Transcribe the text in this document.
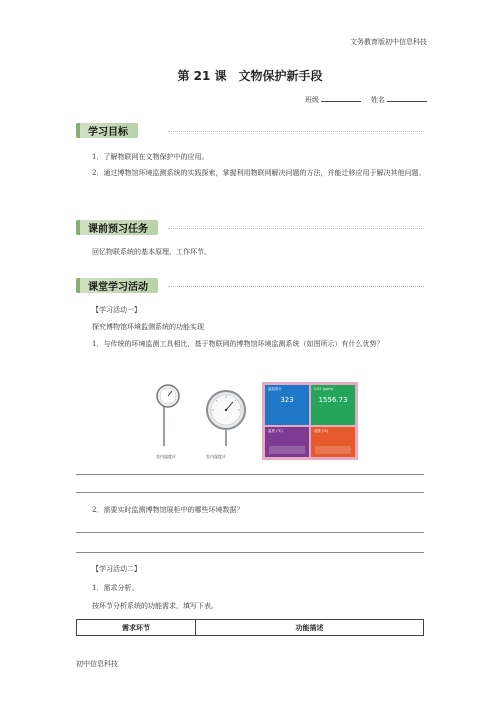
文务教育版初中信息科技
第 21 课　文物保护新手段
班级	姓名
学习目标
1．了解物联网在文物保护中的应用。
2．通过博物馆环境监测系统的实践探索，掌握利用物联网解决问题的方法，并能迁移应用于解决其他问题。
课前预习任务
回忆物联系统的基本原理、工作环节。
课堂学习活动
【学习活动一】
探究博物馆环境监测系统的功能实现
1．与传统的环境监测工具相比，基于物联网的博物馆环境监测系统（如图所示）有什么优势？
室内温度计	室内湿度计
温湿度计
323
CO2 (ppm)
1556.73
温度 (℃)	湿度 (%)
2．需要实时监测博物馆展柜中的哪些环境数据？
【学习活动二】
1．需求分析。
按环节分析系统的功能需求，填写下表。
需求环节	功能描述
初中信息科技
